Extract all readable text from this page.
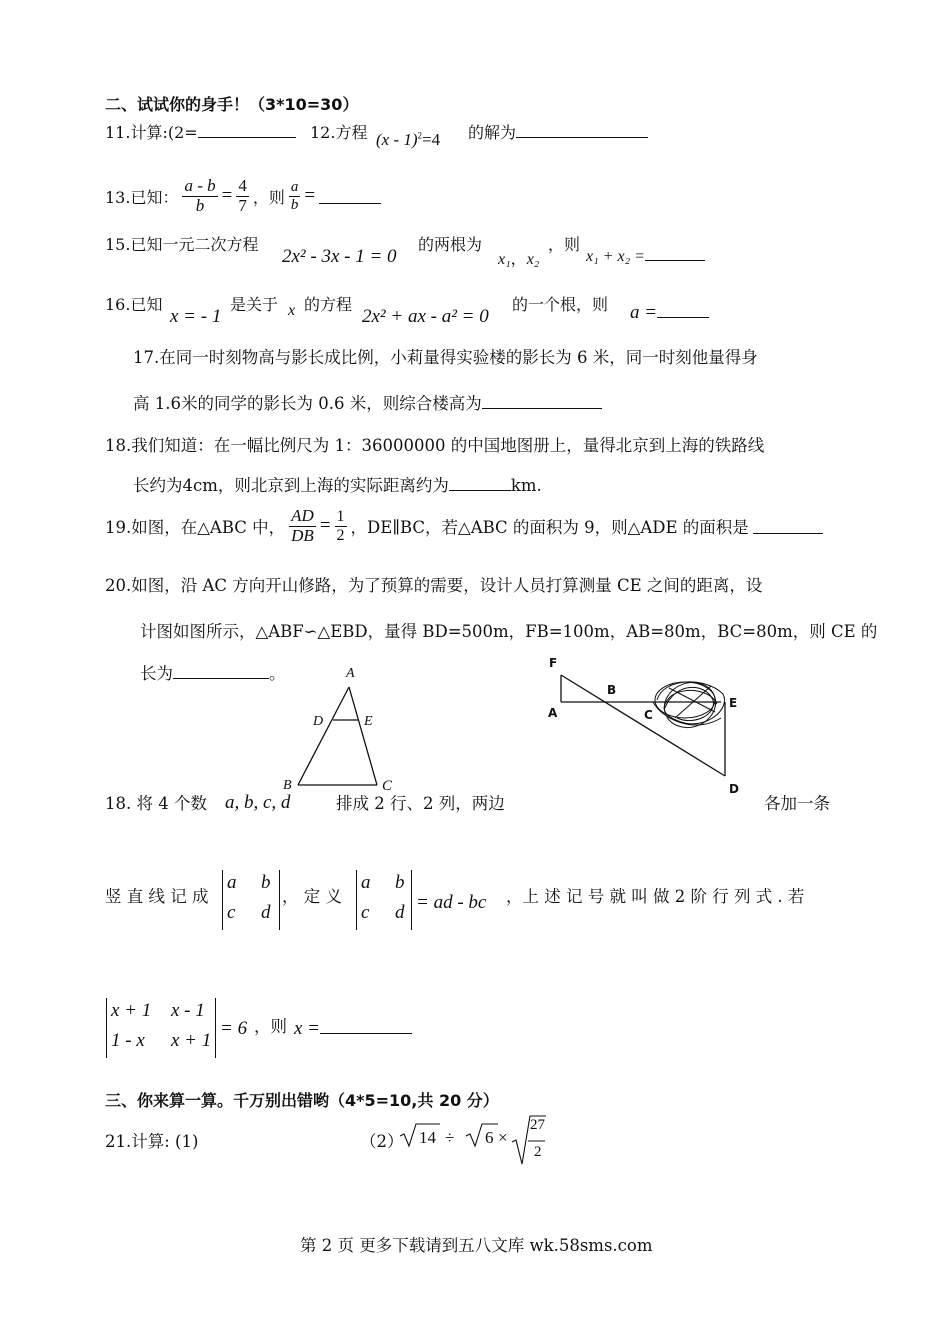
二、试试你的身手！（3*10=30）
11.计算:(2=	12.方程 (x - 1)$^2$=4 的解为
13.已知： $\frac{a - b}{b} = \frac{4}{7}$ ，则 $\frac{a}{b}$ =
15.已知一元二次方程
2x² - 3x - 1 = 0
的两根为
x₁，x₂
，则
x₁ + x₂ =
16.已知
x = - 1
是关于 x 的方程
2x² + ax - a² = 0
的一个根，则 a =
17.在同一时刻物高与影长成比例，小莉量得实验楼的影长为 6 米，同一时刻他量得身
高 1.6米的同学的影长为 0.6 米，则综合楼高为
18.我们知道：在一幅比例尺为 1：36000000 的中国地图册上，量得北京到上海的铁路线
长约为4cm，则北京到上海的实际距离约为	km.
19.如图，在△ABC 中， $\frac{AD}{DB} = \frac{1}{2}$ ，DE∥BC，若△ABC 的面积为 9，则△ADE 的面积是
20.如图，沿 AC 方向开山修路，为了预算的需要，设计人员打算测量 CE 之间的距离，设
计图如图所示，△ABF∽△EBD，量得 BD=500m，FB=100m，AB=80m，BC=80m，则 CE 的
长为	。	A
D	E
B	C
F
A
B
C
E
D
18. 将 4 个数 a, b, c, d	排成 2 行、2 列，两边	各加一条
竖 直 线 记 成
a b
c d
， 定 义
a b
c d = ad - bc ，上 述 记 号 就 叫 做 2 阶 行 列 式 . 若
x + 1 x - 1
1 - x x + 1
= 6 ，则 x =
三、你来算一算。千万别出错哟（4*5=10,共 20 分）
21.计算: (1)	（2） 14 ÷ 6 ×
27
2
第 2 页 更多下载请到五八文库 wk.58sms.com
